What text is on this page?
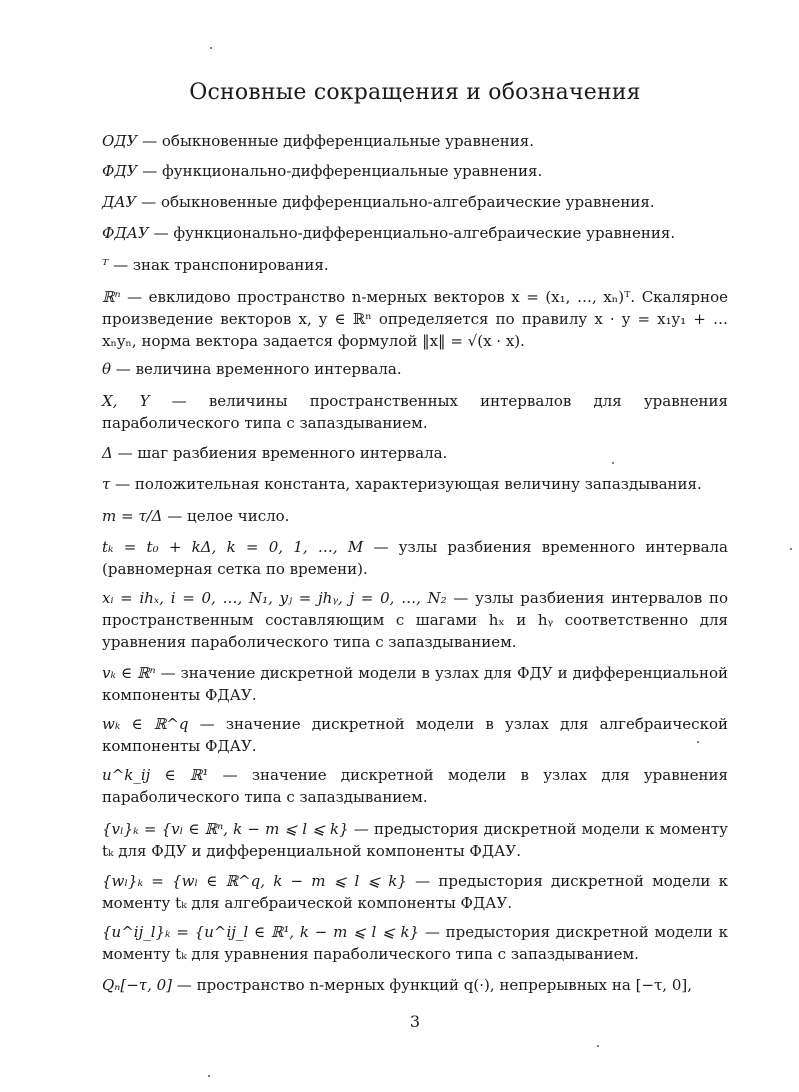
Основные сокращения и обозначения

ОДУ — обыкновенные дифференциальные уравнения.

ФДУ — функционально-дифференциальные уравнения.

ДАУ — обыкновенные дифференциально-алгебраические уравнения.

ФДАУ — функционально-дифференциально-алгебраические уравнения.

ᵀ — знак транспонирования.

ℝⁿ — евклидово пространство n-мерных векторов x = (x₁, …, xₙ)ᵀ. Скалярное произведение векторов x, y ∈ ℝⁿ определяется по правилу x · y = x₁y₁ + … xₙyₙ, норма вектора задается формулой ‖x‖ = √(x · x).

θ — величина временного интервала.

X, Y — величины пространственных интервалов для уравнения параболического типа с запаздыванием.

Δ — шаг разбиения временного интервала.

τ — положительная константа, характеризующая величину запаздывания.

m = τ/Δ — целое число.

tₖ = t₀ + kΔ, k = 0, 1, …, M — узлы разбиения временного интервала (равномерная сетка по времени).

xᵢ = ihₓ, i = 0, …, N₁, yⱼ = jhᵧ, j = 0, …, N₂ — узлы разбиения интервалов по пространственным составляющим с шагами hₓ и hᵧ соответственно для уравнения параболического типа с запаздыванием.

vₖ ∈ ℝⁿ — значение дискретной модели в узлах для ФДУ и дифференциальной компоненты ФДАУ.

wₖ ∈ ℝ^q — значение дискретной модели в узлах для алгебраической компоненты ФДАУ.

u^k_ij ∈ ℝ¹ — значение дискретной модели в узлах для уравнения параболического типа с запаздыванием.

{vₗ}ₖ = {vₗ ∈ ℝⁿ, k − m ⩽ l ⩽ k} — предыстория дискретной модели к моменту tₖ для ФДУ и дифференциальной компоненты ФДАУ.

{wₗ}ₖ = {wₗ ∈ ℝ^q, k − m ⩽ l ⩽ k} — предыстория дискретной модели к моменту tₖ для алгебраической компоненты ФДАУ.

{u^ij_l}ₖ = {u^ij_l ∈ ℝ¹, k − m ⩽ l ⩽ k} — предыстория дискретной модели к моменту tₖ для уравнения параболического типа с запаздыванием.

Qₙ[−τ, 0] — пространство n-мерных функций q(·), непрерывных на [−τ, 0],

3
